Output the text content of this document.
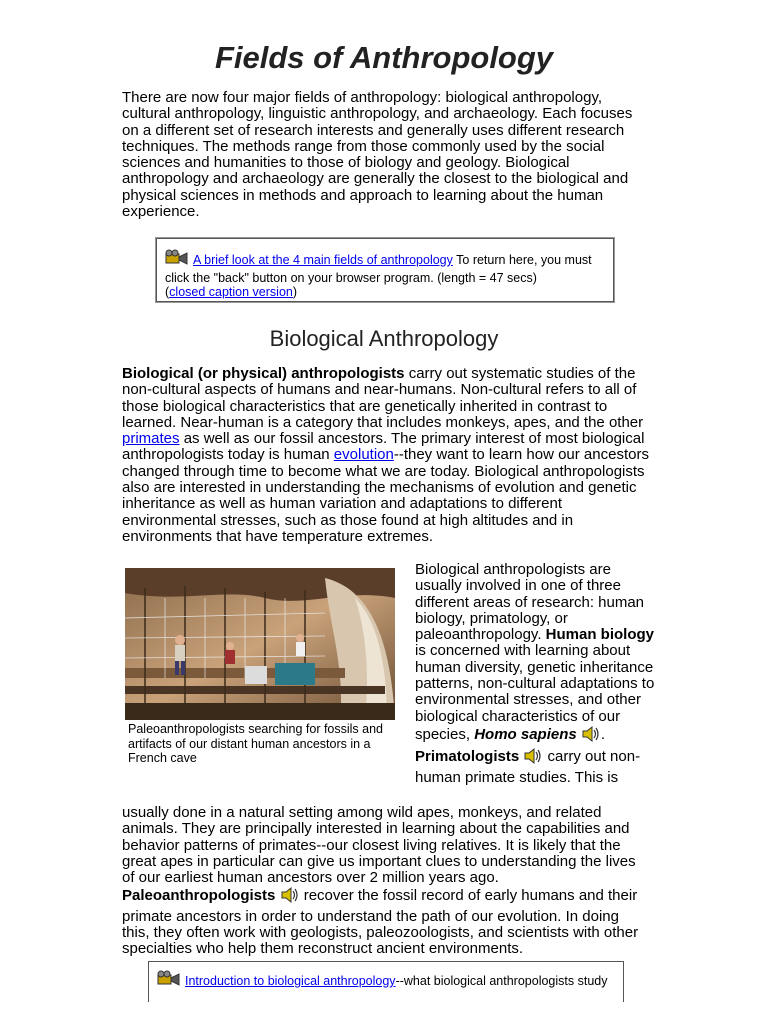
Fields of Anthropology

There are now four major fields of anthropology: biological anthropology, cultural anthropology, linguistic anthropology, and archaeology. Each focuses on a different set of research interests and generally uses different research techniques. The methods range from those commonly used by the social sciences and humanities to those of biology and geology. Biological anthropology and archaeology are generally the closest to the biological and physical sciences in methods and approach to learning about the human experience.

A brief look at the 4 main fields of anthropology To return here, you must click the "back" button on your browser program. (length = 47 secs)
(closed caption version)
Biological Anthropology

Biological (or physical) anthropologists carry out systematic studies of the non-cultural aspects of humans and near-humans. Non-cultural refers to all of those biological characteristics that are genetically inherited in contrast to learned. Near-human is a category that includes monkeys, apes, and the other primates as well as our fossil ancestors. The primary interest of most biological anthropologists today is human evolution--they want to learn how our ancestors changed through time to become what we are today. Biological anthropologists also are interested in understanding the mechanisms of evolution and genetic inheritance as well as human variation and adaptations to different environmental stresses, such as those found at high altitudes and in environments that have temperature extremes.

Paleoanthropologists searching for fossils and artifacts of our distant human ancestors in a French cave
Biological anthropologists are usually involved in one of three different areas of research: human biology, primatology, or paleoanthropology. Human biology is concerned with learning about human diversity, genetic inheritance patterns, non-cultural adaptations to environmental stresses, and other biological characteristics of our species, Homo sapiens .
Primatologists  carry out non-human primate studies. This is

usually done in a natural setting among wild apes, monkeys, and related animals. They are principally interested in learning about the capabilities and behavior patterns of primates--our closest living relatives. It is likely that the great apes in particular can give us important clues to understanding the lives of our earliest human ancestors over 2 million years ago.
Paleoanthropologists  recover the fossil record of early humans and their primate ancestors in order to understand the path of our evolution. In doing this, they often work with geologists, paleozoologists, and scientists with other specialties who help them reconstruct ancient environments.

Introduction to biological anthropology--what biological anthropologists study
